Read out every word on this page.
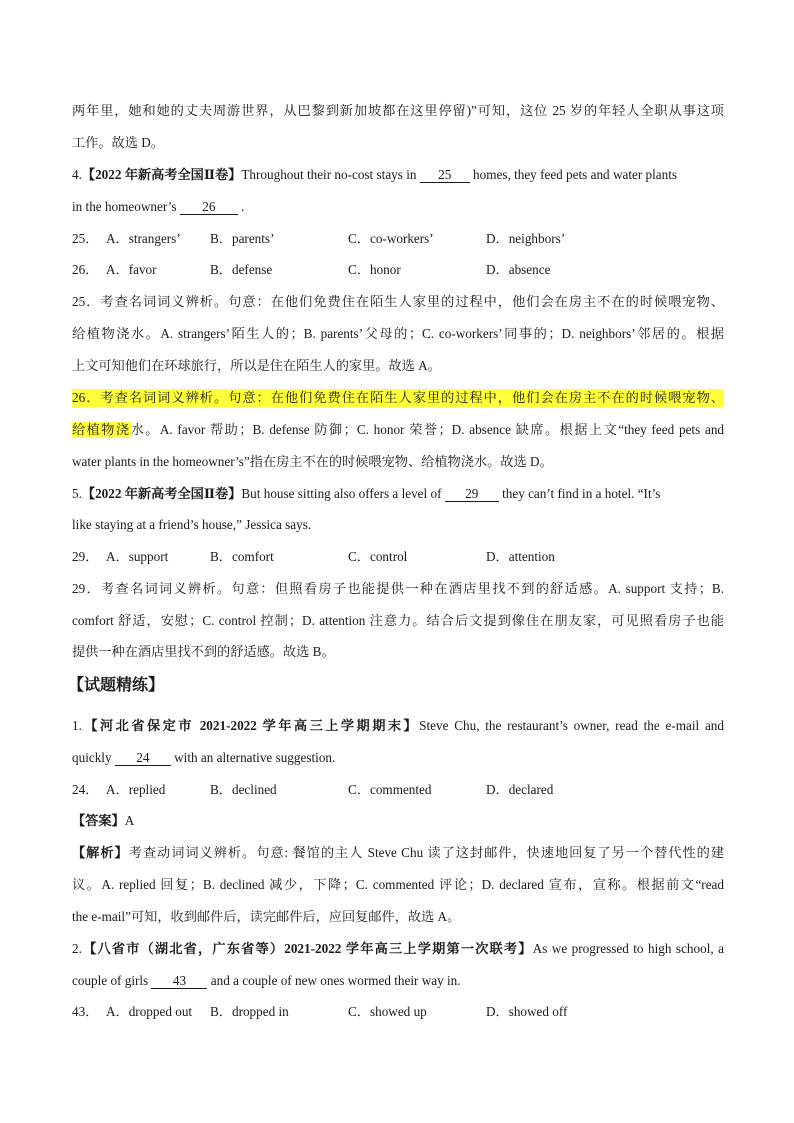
两年里，她和她的丈夫周游世界，从巴黎到新加坡都在这里停留)”可知，这位 25 岁的年轻人全职从事这项
工作。故选 D。
4.【2022 年新高考全国Ⅱ卷】Throughout their no-cost stays in 25 homes, they feed pets and water plants
in the homeowner’s 26 .
25． A．strangers’ B．parents’	C．co-workers’	D．neighbors’
26． A．favor	B．defense	C．honor	D．absence
25．考查名词词义辨析。句意：在他们免费住在陌生人家里的过程中，他们会在房主不在的时候喂宠物、
给植物浇水。A. strangers’陌生人的；B. parents’父母的；C. co-workers’同事的；D. neighbors’邻居的。根据
上文可知他们在环球旅行，所以是住在陌生人的家里。故选 A。
26．考查名词词义辨析。句意：在他们免费住在陌生人家里的过程中，他们会在房主不在的时候喂宠物、
给植物浇水。A. favor 帮助；B. defense 防御；C. honor 荣誉；D. absence 缺席。根据上文“they feed pets and
water plants in the homeowner’s”指在房主不在的时候喂宠物、给植物浇水。故选 D。
5.【2022 年新高考全国Ⅱ卷】But house sitting also offers a level of 29 they can’t find in a hotel. “It’s
like staying at a friend’s house,” Jessica says.
29． A．support	B．comfort	C．control	D．attention
29．考查名词词义辨析。句意：但照看房子也能提供一种在酒店里找不到的舒适感。A. support 支持；B.
comfort 舒适，安慰；C. control 控制；D. attention 注意力。结合后文提到像住在朋友家，可见照看房子也能
提供一种在酒店里找不到的舒适感。故选 B。
【试题精练】
1.【河北省保定市 2021-2022 学年高三上学期期末】Steve Chu, the restaurant’s owner, read the e-mail and
quickly 24 with an alternative suggestion.
24． A．replied	B．declined	C．commented	D．declared
【答案】A
【解析】考查动词词义辨析。句意: 餐馆的主人 Steve Chu 读了这封邮件，快速地回复了另一个替代性的建
议。A. replied 回复；B. declined 减少，下降；C. commented 评论；D. declared 宣布，宣称。根据前文“read
the e-mail”可知，收到邮件后，读完邮件后，应回复邮件，故选 A。
2.【八省市（湖北省，广东省等）2021-2022 学年高三上学期第一次联考】As we progressed to high school, a
couple of girls 43 and a couple of new ones wormed their way in.
43． A．dropped out B．dropped in	C．showed up	D．showed off
